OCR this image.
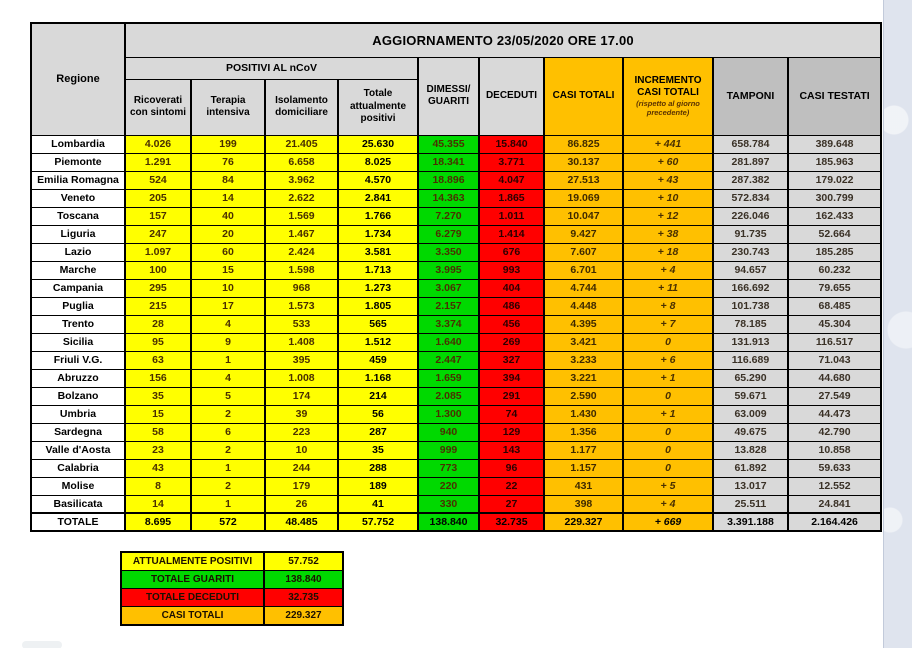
Regione	AGGIORNAMENTO 23/05/2020 ORE 17.00									
	POSITIVI AL nCoV				DIMESSI/ GUARITI	DECEDUTI	CASI TOTALI	INCREMENTO CASI TOTALI
(rispetto al giorno precedente)	TAMPONI	CASI TESTATI
	Ricoverati con sintomi	Terapia intensiva	Isolamento domiciliare	Totale attualmente positivi						
Lombardia	4.026	199	21.405	25.630	45.355	15.840	86.825	+ 441	658.784	389.648
Piemonte	1.291	76	6.658	8.025	18.341	3.771	30.137	+ 60	281.897	185.963
Emilia Romagna	524	84	3.962	4.570	18.896	4.047	27.513	+ 43	287.382	179.022
Veneto	205	14	2.622	2.841	14.363	1.865	19.069	+ 10	572.834	300.799
Toscana	157	40	1.569	1.766	7.270	1.011	10.047	+ 12	226.046	162.433
Liguria	247	20	1.467	1.734	6.279	1.414	9.427	+ 38	91.735	52.664
Lazio	1.097	60	2.424	3.581	3.350	676	7.607	+ 18	230.743	185.285
Marche	100	15	1.598	1.713	3.995	993	6.701	+ 4	94.657	60.232
Campania	295	10	968	1.273	3.067	404	4.744	+ 11	166.692	79.655
Puglia	215	17	1.573	1.805	2.157	486	4.448	+ 8	101.738	68.485
Trento	28	4	533	565	3.374	456	4.395	+ 7	78.185	45.304
Sicilia	95	9	1.408	1.512	1.640	269	3.421	0	131.913	116.517
Friuli V.G.	63	1	395	459	2.447	327	3.233	+ 6	116.689	71.043
Abruzzo	156	4	1.008	1.168	1.659	394	3.221	+ 1	65.290	44.680
Bolzano	35	5	174	214	2.085	291	2.590	0	59.671	27.549
Umbria	15	2	39	56	1.300	74	1.430	+ 1	63.009	44.473
Sardegna	58	6	223	287	940	129	1.356	0	49.675	42.790
Valle d'Aosta	23	2	10	35	999	143	1.177	0	13.828	10.858
Calabria	43	1	244	288	773	96	1.157	0	61.892	59.633
Molise	8	2	179	189	220	22	431	+ 5	13.017	12.552
Basilicata	14	1	26	41	330	27	398	+ 4	25.511	24.841
TOTALE	8.695	572	48.485	57.752	138.840	32.735	229.327	+ 669	3.391.188	2.164.426
ATTUALMENTE POSITIVI	57.752
TOTALE GUARITI	138.840
TOTALE DECEDUTI	32.735
CASI TOTALI	229.327
